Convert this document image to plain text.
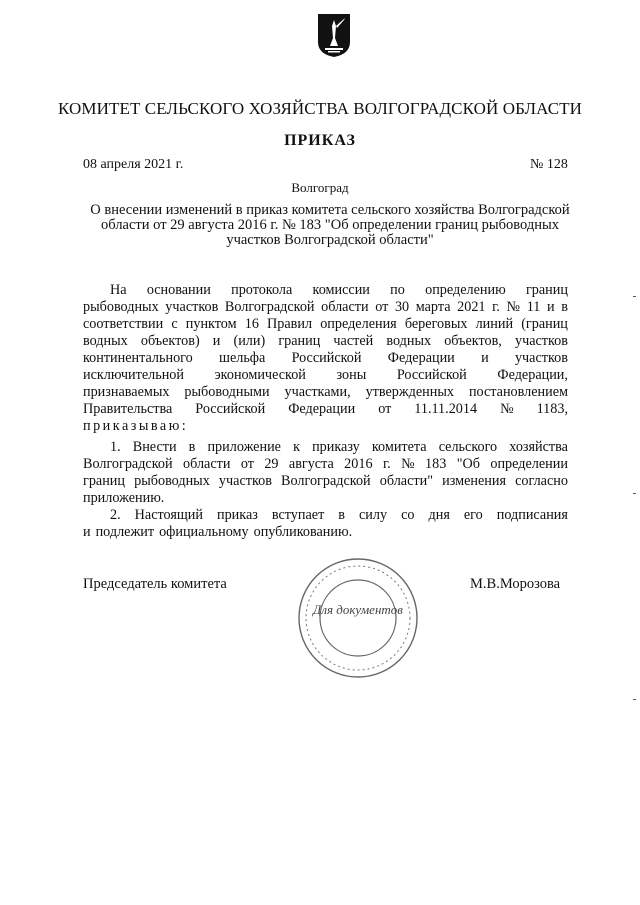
КОМИТЕТ СЕЛЬСКОГО ХОЗЯЙСТВА ВОЛГОГРАДСКОЙ ОБЛАСТИ
ПРИКАЗ
08 апреля 2021 г.	№ 128
Волгоград
О внесении изменений в приказ комитета сельского хозяйства Волгоградской области от 29 августа 2016 г. № 183 "Об определении границ рыбоводных участков Волгоградской области"
На основании протокола комиссии по определению границ
рыбоводных участков Волгоградской области от 30 марта 2021 г. № 11 и в
соответствии с пунктом 16 Правил определения береговых линий (границ
водных объектов) и (или) границ частей водных объектов, участков
континентального шельфа Российской Федерации и участков
исключительной экономической зоны Российской Федерации,
признаваемых рыбоводными участками, утвержденных постановлением
Правительства Российской Федерации от 11.11.2014 № 1183,
приказываю:
1. Внести в приложение к приказу комитета сельского хозяйства
Волгоградской области от 29 августа 2016 г. № 183 "Об определении
границ рыбоводных участков Волгоградской области" изменения согласно
приложению.
2. Настоящий приказ вступает в силу со дня его подписания
и подлежит официальному опубликованию.
Председатель комитета	М.В.Морозова
Для документов
